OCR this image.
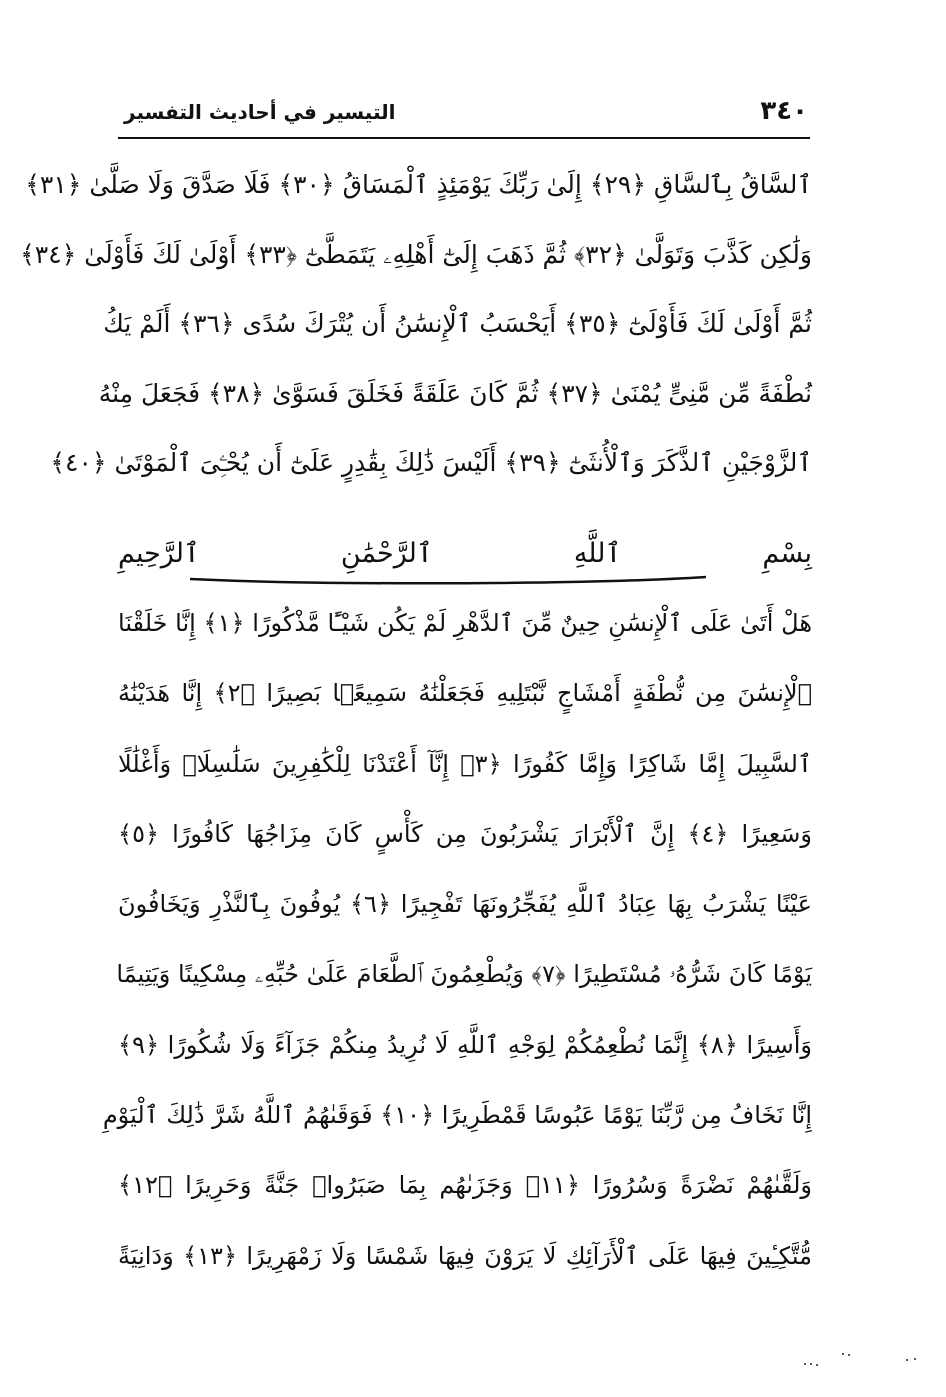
٣٤٠
التيسير في أحاديث التفسير
ٱلسَّاقُ بِٱلسَّاقِ ﴿٢٩﴾ إِلَىٰ رَبِّكَ يَوْمَئِذٍ ٱلْمَسَاقُ ﴿٣٠﴾ فَلَا صَدَّقَ وَلَا صَلَّىٰ ﴿٣١﴾
وَلَٰكِن كَذَّبَ وَتَوَلَّىٰ ﴿٣٢﴾ ثُمَّ ذَهَبَ إِلَىٰٓ أَهْلِهِۦ يَتَمَطَّىٰٓ ﴿٣٣﴾ أَوْلَىٰ لَكَ فَأَوْلَىٰ ﴿٣٤﴾
ثُمَّ أَوْلَىٰ لَكَ فَأَوْلَىٰٓ ﴿٣٥﴾ أَيَحْسَبُ ٱلْإِنسَٰنُ أَن يُتْرَكَ سُدًى ﴿٣٦﴾ أَلَمْ يَكُ
نُطْفَةً مِّن مَّنِىٍّ يُمْنَىٰ ﴿٣٧﴾ ثُمَّ كَانَ عَلَقَةً فَخَلَقَ فَسَوَّىٰ ﴿٣٨﴾ فَجَعَلَ مِنْهُ
ٱلزَّوْجَيْنِ ٱلذَّكَرَ وَٱلْأُنثَىٰٓ ﴿٣٩﴾ أَلَيْسَ ذَٰلِكَ بِقَٰدِرٍ عَلَىٰٓ أَن يُحْـِۧىَ ٱلْمَوْتَىٰ ﴿٤٠﴾
بِسْمِ ٱللَّهِ ٱلرَّحْمَٰنِ ٱلرَّحِيمِ
هَلْ أَتَىٰ عَلَى ٱلْإِنسَٰنِ حِينٌ مِّنَ ٱلدَّهْرِ لَمْ يَكُن شَيْـًٔا مَّذْكُورًا ﴿١﴾ إِنَّا خَلَقْنَا
ٱلْإِنسَٰنَ مِن نُّطْفَةٍ أَمْشَاجٍ نَّبْتَلِيهِ فَجَعَلْنَٰهُ سَمِيعًۢا بَصِيرًا ﴿٢﴾ إِنَّا هَدَيْنَٰهُ
ٱلسَّبِيلَ إِمَّا شَاكِرًا وَإِمَّا كَفُورًا ﴿٣﴾ إِنَّآ أَعْتَدْنَا لِلْكَٰفِرِينَ سَلَٰسِلَا۟ وَأَغْلَٰلًا
وَسَعِيرًا ﴿٤﴾ إِنَّ ٱلْأَبْرَارَ يَشْرَبُونَ مِن كَأْسٍ كَانَ مِزَاجُهَا كَافُورًا ﴿٥﴾
عَيْنًا يَشْرَبُ بِهَا عِبَادُ ٱللَّهِ يُفَجِّرُونَهَا تَفْجِيرًا ﴿٦﴾ يُوفُونَ بِٱلنَّذْرِ وَيَخَافُونَ
يَوْمًا كَانَ شَرُّهُۥ مُسْتَطِيرًا ﴿٧﴾ وَيُطْعِمُونَ ٱلطَّعَامَ عَلَىٰ حُبِّهِۦ مِسْكِينًا وَيَتِيمًا
وَأَسِيرًا ﴿٨﴾ إِنَّمَا نُطْعِمُكُمْ لِوَجْهِ ٱللَّهِ لَا نُرِيدُ مِنكُمْ جَزَآءً وَلَا شُكُورًا ﴿٩﴾
إِنَّا نَخَافُ مِن رَّبِّنَا يَوْمًا عَبُوسًا قَمْطَرِيرًا ﴿١٠﴾ فَوَقَىٰهُمُ ٱللَّهُ شَرَّ ذَٰلِكَ ٱلْيَوْمِ
وَلَقَّىٰهُمْ نَضْرَةً وَسُرُورًا ﴿١١﴾ وَجَزَىٰهُم بِمَا صَبَرُوا۟ جَنَّةً وَحَرِيرًا ﴿١٢﴾
مُّتَّكِـِٔينَ فِيهَا عَلَى ٱلْأَرَآئِكِ لَا يَرَوْنَ فِيهَا شَمْسًا وَلَا زَمْهَرِيرًا ﴿١٣﴾ وَدَانِيَةً
